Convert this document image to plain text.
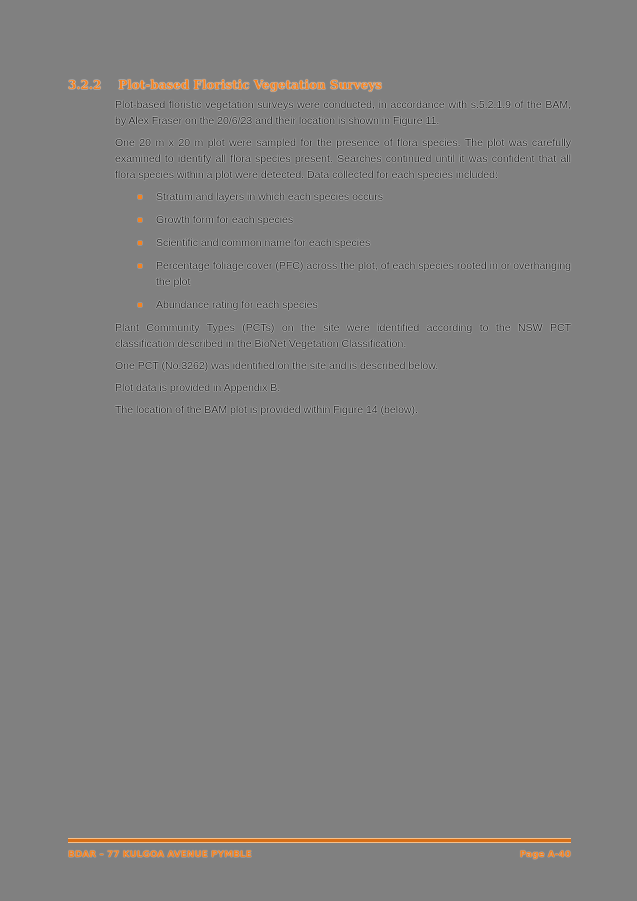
3.2.2 Plot-based Floristic Vegetation Surveys

Plot-based floristic vegetation surveys were conducted, in accordance with s.5.2.1.9 of the BAM, by Alex Fraser on the 20/6/23 and their location is shown in Figure 11.

One 20 m x 20 m plot were sampled for the presence of flora species. The plot was carefully examined to identify all flora species present. Searches continued until it was confident that all flora species within a plot were detected. Data collected for each species included:

Stratum and layers in which each species occurs
Growth form for each species
Scientific and common name for each species
Percentage foliage cover (PFC) across the plot, of each species rooted in or overhanging the plot
Abundance rating for each species

Plant Community Types (PCTs) on the site were identified according to the NSW PCT classification described in the BioNet Vegetation Classification.

One PCT (No.3262) was identified on the site and is described below.

Plot data is provided in Appendix B.

The location of the BAM plot is provided within Figure 14 (below).

BDAR – 77 KULGOA AVENUE PYMBLE	Page A-40
